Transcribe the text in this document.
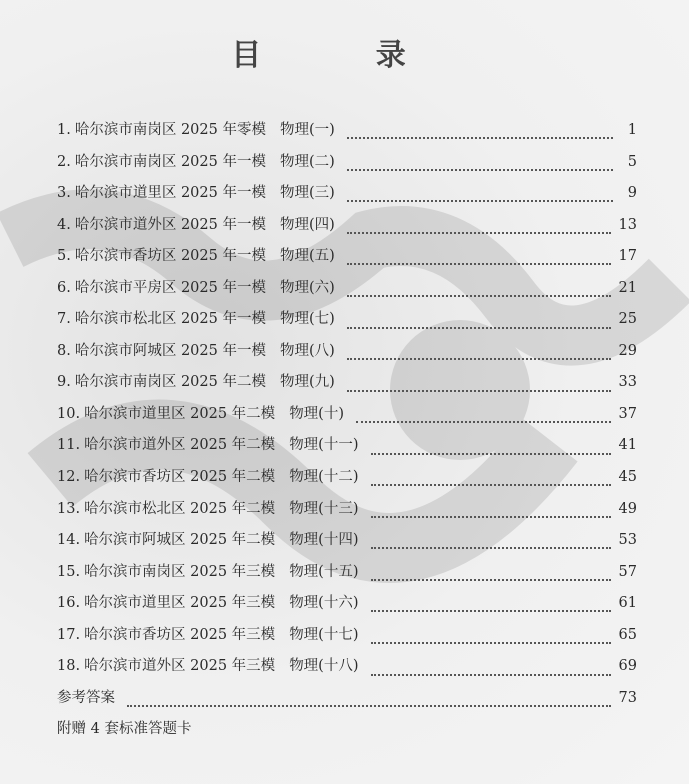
目 录
1. 哈尔滨市南岗区 2025 年零模 物理(一)	1
2. 哈尔滨市南岗区 2025 年一模 物理(二)	5
3. 哈尔滨市道里区 2025 年一模 物理(三)	9
4. 哈尔滨市道外区 2025 年一模 物理(四)	13
5. 哈尔滨市香坊区 2025 年一模 物理(五)	17
6. 哈尔滨市平房区 2025 年一模 物理(六)	21
7. 哈尔滨市松北区 2025 年一模 物理(七)	25
8. 哈尔滨市阿城区 2025 年一模 物理(八)	29
9. 哈尔滨市南岗区 2025 年二模 物理(九)	33
10. 哈尔滨市道里区 2025 年二模 物理(十)	37
11. 哈尔滨市道外区 2025 年二模 物理(十一)	41
12. 哈尔滨市香坊区 2025 年二模 物理(十二)	45
13. 哈尔滨市松北区 2025 年二模 物理(十三)	49
14. 哈尔滨市阿城区 2025 年二模 物理(十四)	53
15. 哈尔滨市南岗区 2025 年三模 物理(十五)	57
16. 哈尔滨市道里区 2025 年三模 物理(十六)	61
17. 哈尔滨市香坊区 2025 年三模 物理(十七)	65
18. 哈尔滨市道外区 2025 年三模 物理(十八)	69
参考答案	73
附赠 4 套标准答题卡
